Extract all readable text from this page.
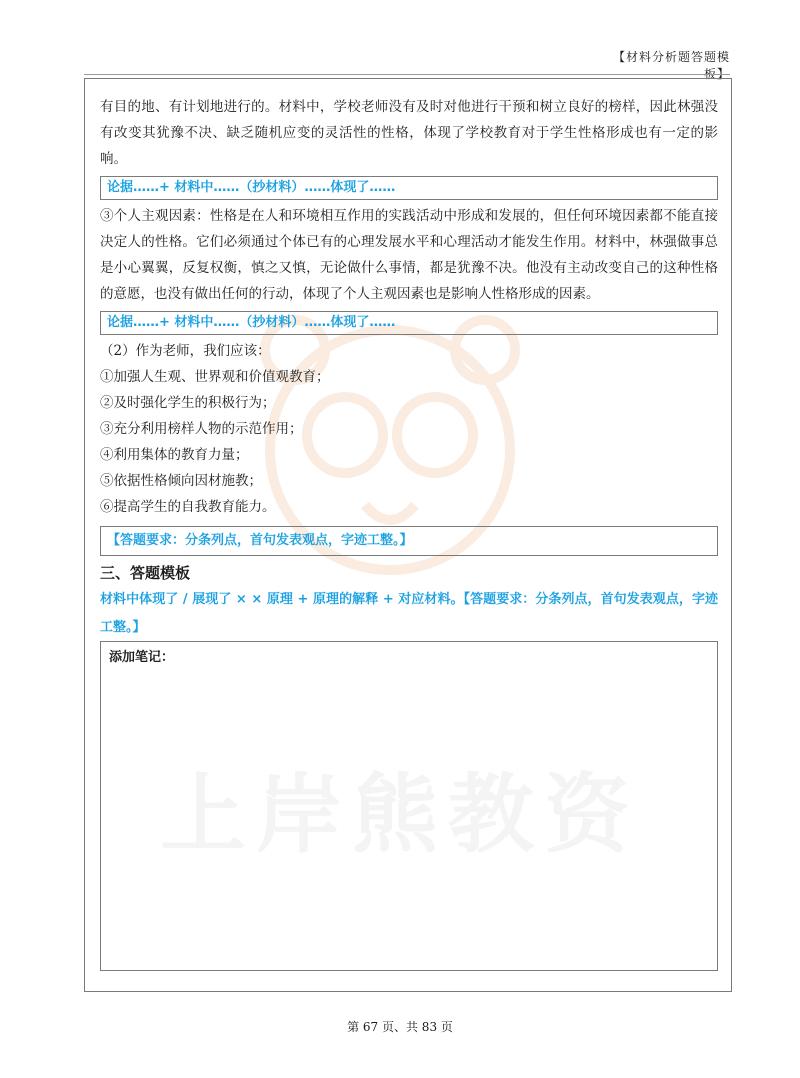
【材料分析题答题模板】
上岸熊教资

有目的地、有计划地进行的。材料中，学校老师没有及时对他进行干预和树立良好的榜样，因此林强没有改变其犹豫不决、缺乏随机应变的灵活性的性格，体现了学校教育对于学生性格形成也有一定的影响。

论据……+ 材料中……（抄材料）……体现了……

③个人主观因素：性格是在人和环境相互作用的实践活动中形成和发展的，但任何环境因素都不能直接决定人的性格。它们必须通过个体已有的心理发展水平和心理活动才能发生作用。材料中，林强做事总是小心翼翼，反复权衡，慎之又慎，无论做什么事情，都是犹豫不决。他没有主动改变自己的这种性格的意愿，也没有做出任何的行动，体现了个人主观因素也是影响人性格形成的因素。

论据……+ 材料中……（抄材料）……体现了……

（2）作为老师，我们应该：

①加强人生观、世界观和价值观教育；

②及时强化学生的积极行为；

③充分利用榜样人物的示范作用；

④利用集体的教育力量；

⑤依据性格倾向因材施教；

⑥提高学生的自我教育能力。

【答题要求：分条列点，首句发表观点，字迹工整。】
三、答题模板
材料中体现了 / 展现了 × × 原理 + 原理的解释 + 对应材料。【答题要求：分条列点，首句发表观点，字迹工整。】
添加笔记：
第 67 页、共 83 页
